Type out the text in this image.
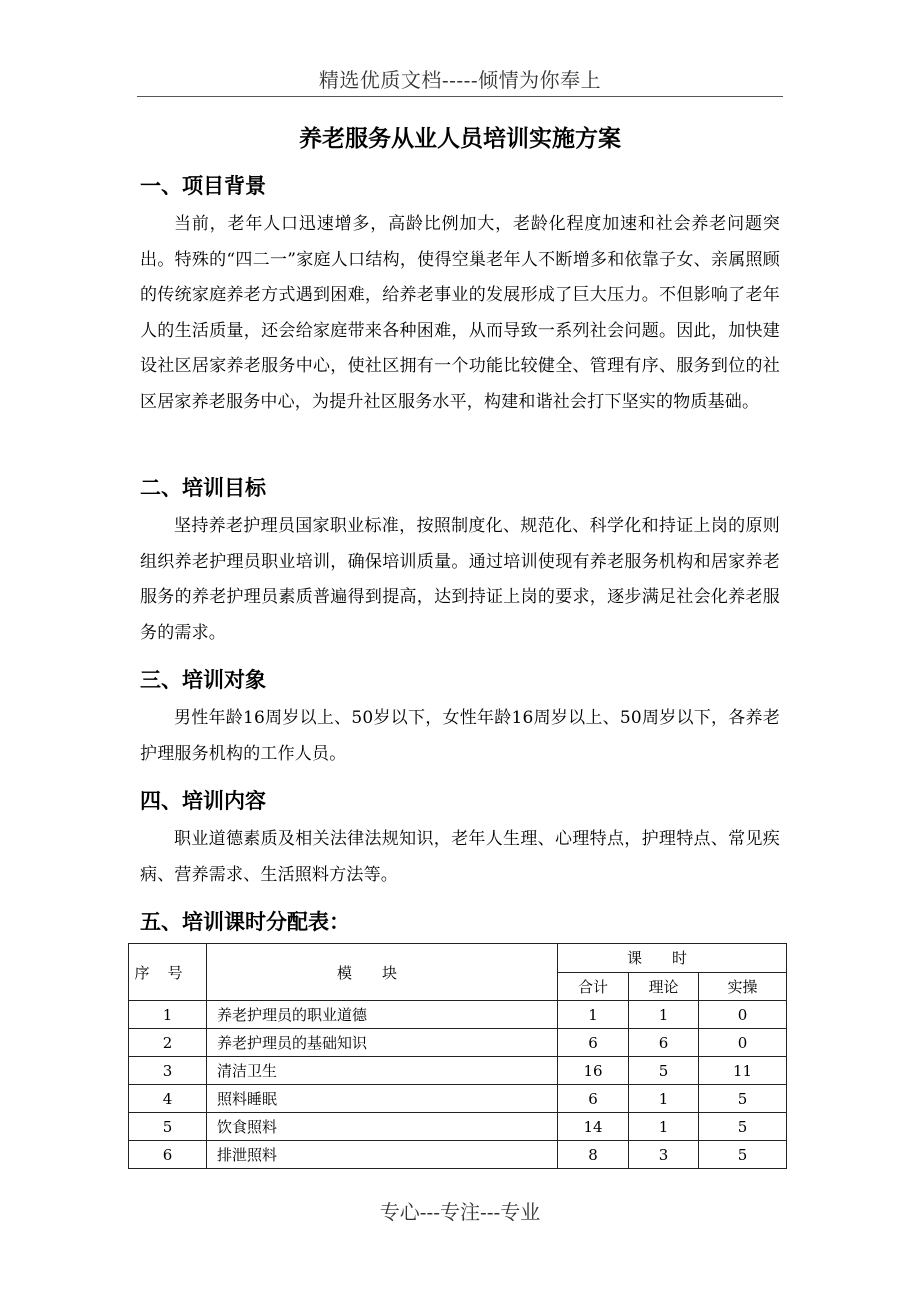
精选优质文档-----倾情为你奉上
养老服务从业人员培训实施方案
一、项目背景
当前，老年人口迅速增多，高龄比例加大，老龄化程度加速和社会养老问题突出。特殊的“四二一”家庭人口结构，使得空巢老年人不断增多和依靠子女、亲属照顾的传统家庭养老方式遇到困难，给养老事业的发展形成了巨大压力。不但影响了老年人的生活质量，还会给家庭带来各种困难，从而导致一系列社会问题。因此，加快建设社区居家养老服务中心，使社区拥有一个功能比较健全、管理有序、服务到位的社区居家养老服务中心，为提升社区服务水平，构建和谐社会打下坚实的物质基础。
二、培训目标
坚持养老护理员国家职业标准，按照制度化、规范化、科学化和持证上岗的原则组织养老护理员职业培训，确保培训质量。通过培训使现有养老服务机构和居家养老服务的养老护理员素质普遍得到提高，达到持证上岗的要求，逐步满足社会化养老服务的需求。
三、培训对象
男性年龄16周岁以上、50岁以下，女性年龄16周岁以上、50周岁以下，各养老护理服务机构的工作人员。
四、培训内容
职业道德素质及相关法律法规知识，老年人生理、心理特点，护理特点、常见疾病、营养需求、生活照料方法等。
五、培训课时分配表：
序号	模块	课时		
		合计	理论	实操
1	养老护理员的职业道德	1	1	0
2	养老护理员的基础知识	6	6	0
3	清洁卫生	16	5	11
4	照料睡眠	6	1	5
5	饮食照料	14	1	5
6	排泄照料	8	3	5
专心---专注---专业
